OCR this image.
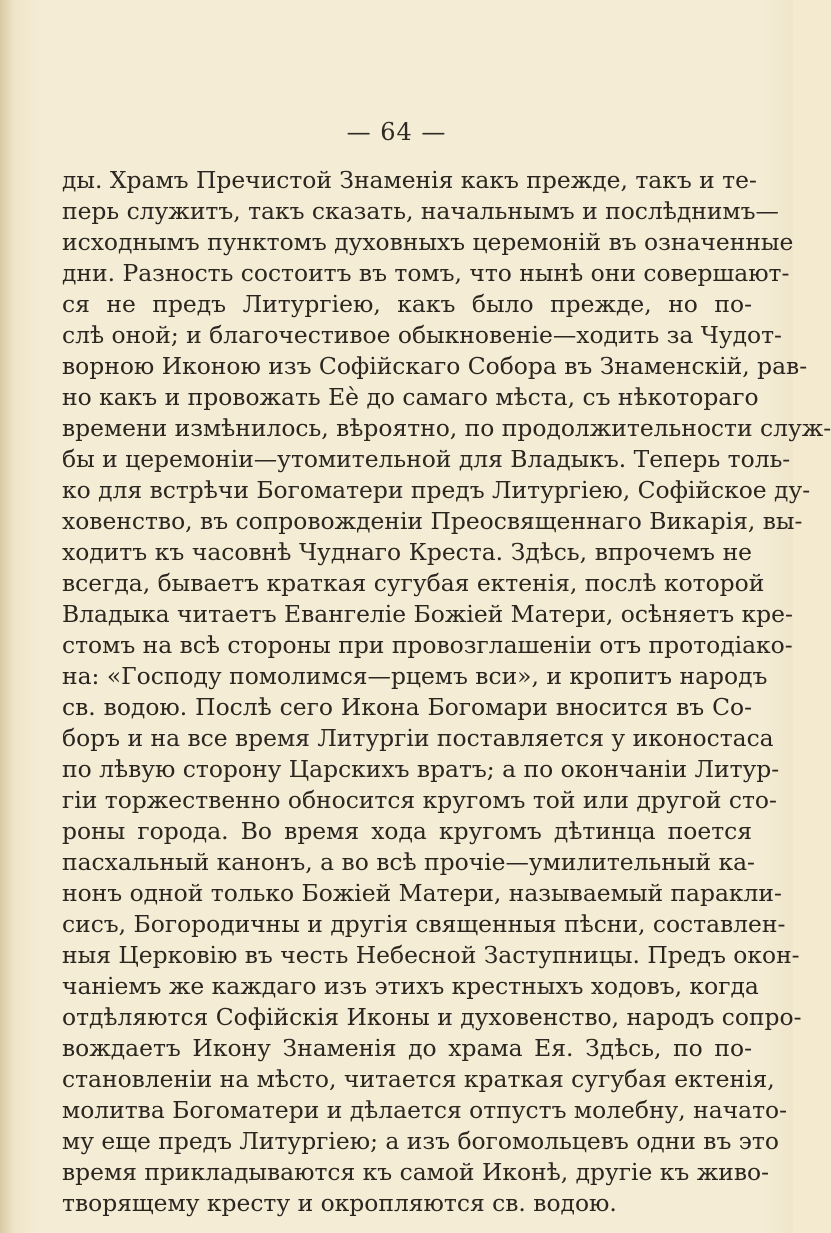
— 64 —
ды. Храмъ Пречистой Знаменія какъ прежде, такъ и те-
перь служитъ, такъ сказать, начальнымъ и послѣднимъ—
исходнымъ пунктомъ духовныхъ церемоній въ означенные
дни. Разность состоитъ въ томъ, что нынѣ они совершают-
ся не предъ Литургіею, какъ было прежде, но по-
слѣ оной; и благочестивое обыкновеніе—ходить за Чудот-
ворною Иконою изъ Софійскаго Собора въ Знаменскій, рав-
но какъ и провожать Еѐ до самаго мѣста, съ нѣкотораго
времени измѣнилось, вѣроятно, по продолжительности служ-
бы и церемоніи—утомительной для Владыкъ. Теперь толь-
ко для встрѣчи Богоматери предъ Литургіею, Софійское ду-
ховенство, въ сопровожденіи Преосвященнаго Викарія, вы-
ходитъ къ часовнѣ Чуднаго Креста. Здѣсь, впрочемъ не
всегда, бываетъ краткая сугубая ектенія, послѣ которой
Владыка читаетъ Евангеліе Божіей Матери, осѣняетъ кре-
стомъ на всѣ стороны при провозглашеніи отъ протодіако-
на: «Господу помолимся—рцемъ вси», и кропитъ народъ
св. водою. Послѣ сего Икона Богомари вносится въ Со-
боръ и на все время Литургіи поставляется у иконостаса
по лѣвую сторону Царскихъ вратъ; а по окончаніи Литур-
гіи торжественно обносится кругомъ той или другой сто-
роны города. Во время хода кругомъ дѣтинца поется
пасхальный канонъ, а во всѣ прочіе—умилительный ка-
нонъ одной только Божіей Матери, называемый паракли-
сисъ, Богородичны и другія священныя пѣсни, составлен-
ныя Церковію въ честь Небесной Заступницы. Предъ окон-
чаніемъ же каждаго изъ этихъ крестныхъ ходовъ, когда
отдѣляются Софійскія Иконы и духовенство, народъ сопро-
вождаетъ Икону Знаменія до храма Ея. Здѣсь, по по-
становленіи на мѣсто, читается краткая сугубая ектенія,
молитва Богоматери и дѣлается отпустъ молебну, начато-
му еще предъ Литургіею; а изъ богомольцевъ одни въ это
время прикладываются къ самой Иконѣ, другіе къ живо-
творящему кресту и окропляются св. водою.
